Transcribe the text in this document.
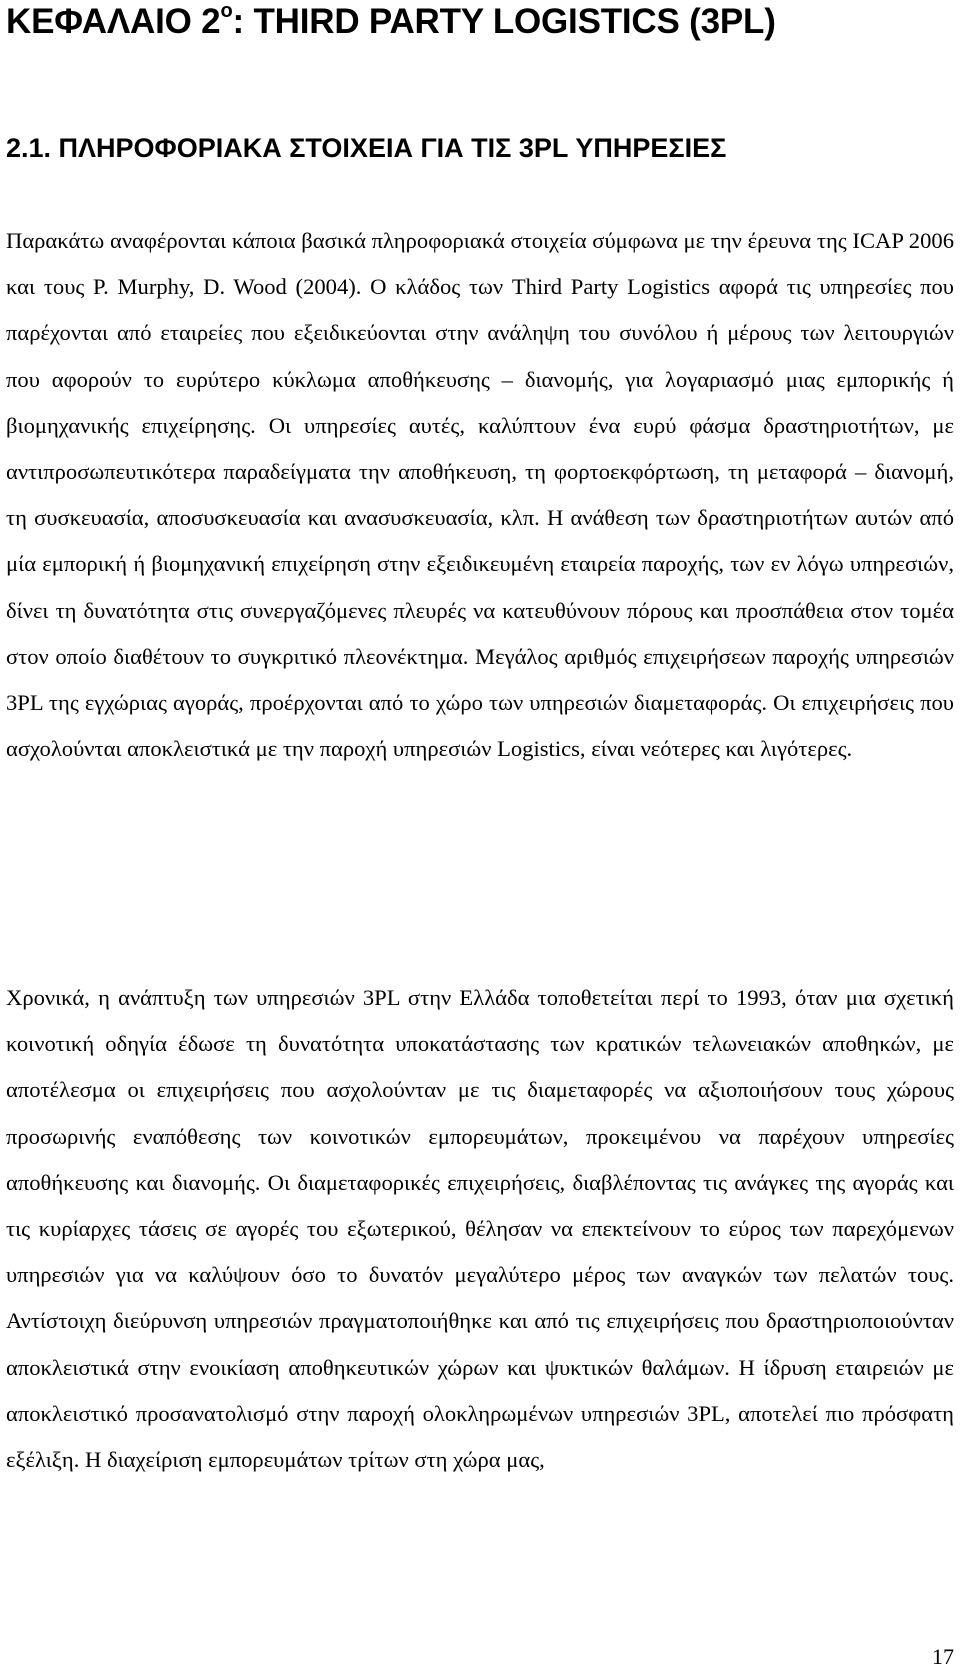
ΚΕΦΑΛΑΙΟ $2^o$: THIRD PARTY LOGISTICS (3PL)
2.1. ΠΛΗΡΟΦΟΡΙΑΚΑ ΣΤΟΙΧΕΙΑ ΓΙΑ ΤΙΣ 3PL ΥΠΗΡΕΣΙΕΣ

Παρακάτω αναφέρονται κάποια βασικά πληροφοριακά στοιχεία σύμφωνα με την έρευνα της ICAP 2006 και τους P. Murphy, D. Wood (2004). Ο κλάδος των Third Party Logistics αφορά τις υπηρεσίες που παρέχονται από εταιρείες που εξειδικεύονται στην ανάληψη του συνόλου ή μέρους των λειτουργιών που αφορούν το ευρύτερο κύκλωμα αποθήκευσης – διανομής, για λογαριασμό μιας εμπορικής ή βιομηχανικής επιχείρησης. Οι υπηρεσίες αυτές, καλύπτουν ένα ευρύ φάσμα δραστηριοτήτων, με αντιπροσωπευτικότερα παραδείγματα την αποθήκευση, τη φορτοεκφόρτωση, τη μεταφορά – διανομή, τη συσκευασία, αποσυσκευασία και ανασυσκευασία, κλπ. Η ανάθεση των δραστηριοτήτων αυτών από μία εμπορική ή βιομηχανική επιχείρηση στην εξειδικευμένη εταιρεία παροχής, των εν λόγω υπηρεσιών, δίνει τη δυνατότητα στις συνεργαζόμενες πλευρές να κατευθύνουν πόρους και προσπάθεια στον τομέα στον οποίο διαθέτουν το συγκριτικό πλεονέκτημα. Μεγάλος αριθμός επιχειρήσεων παροχής υπηρεσιών 3PL της εγχώριας αγοράς, προέρχονται από το χώρο των υπηρεσιών διαμεταφοράς. Οι επιχειρήσεις που ασχολούνται αποκλειστικά με την παροχή υπηρεσιών Logistics, είναι νεότερες και λιγότερες.

Χρονικά, η ανάπτυξη των υπηρεσιών 3PL στην Ελλάδα τοποθετείται περί το 1993, όταν μια σχετική κοινοτική οδηγία έδωσε τη δυνατότητα υποκατάστασης των κρατικών τελωνειακών αποθηκών, με αποτέλεσμα οι επιχειρήσεις που ασχολούνταν με τις διαμεταφορές να αξιοποιήσουν τους χώρους προσωρινής εναπόθεσης των κοινοτικών εμπορευμάτων, προκειμένου να παρέχουν υπηρεσίες αποθήκευσης και διανομής. Οι διαμεταφορικές επιχειρήσεις, διαβλέποντας τις ανάγκες της αγοράς και τις κυρίαρχες τάσεις σε αγορές του εξωτερικού, θέλησαν να επεκτείνουν το εύρος των παρεχόμενων υπηρεσιών για να καλύψουν όσο το δυνατόν μεγαλύτερο μέρος των αναγκών των πελατών τους. Αντίστοιχη διεύρυνση υπηρεσιών πραγματοποιήθηκε και από τις επιχειρήσεις που δραστηριοποιούνταν αποκλειστικά στην ενοικίαση αποθηκευτικών χώρων και ψυκτικών θαλάμων. Η ίδρυση εταιρειών με αποκλειστικό προσανατολισμό στην παροχή ολοκληρωμένων υπηρεσιών 3PL, αποτελεί πιο πρόσφατη εξέλιξη. Η διαχείριση εμπορευμάτων τρίτων στη χώρα μας,

17
